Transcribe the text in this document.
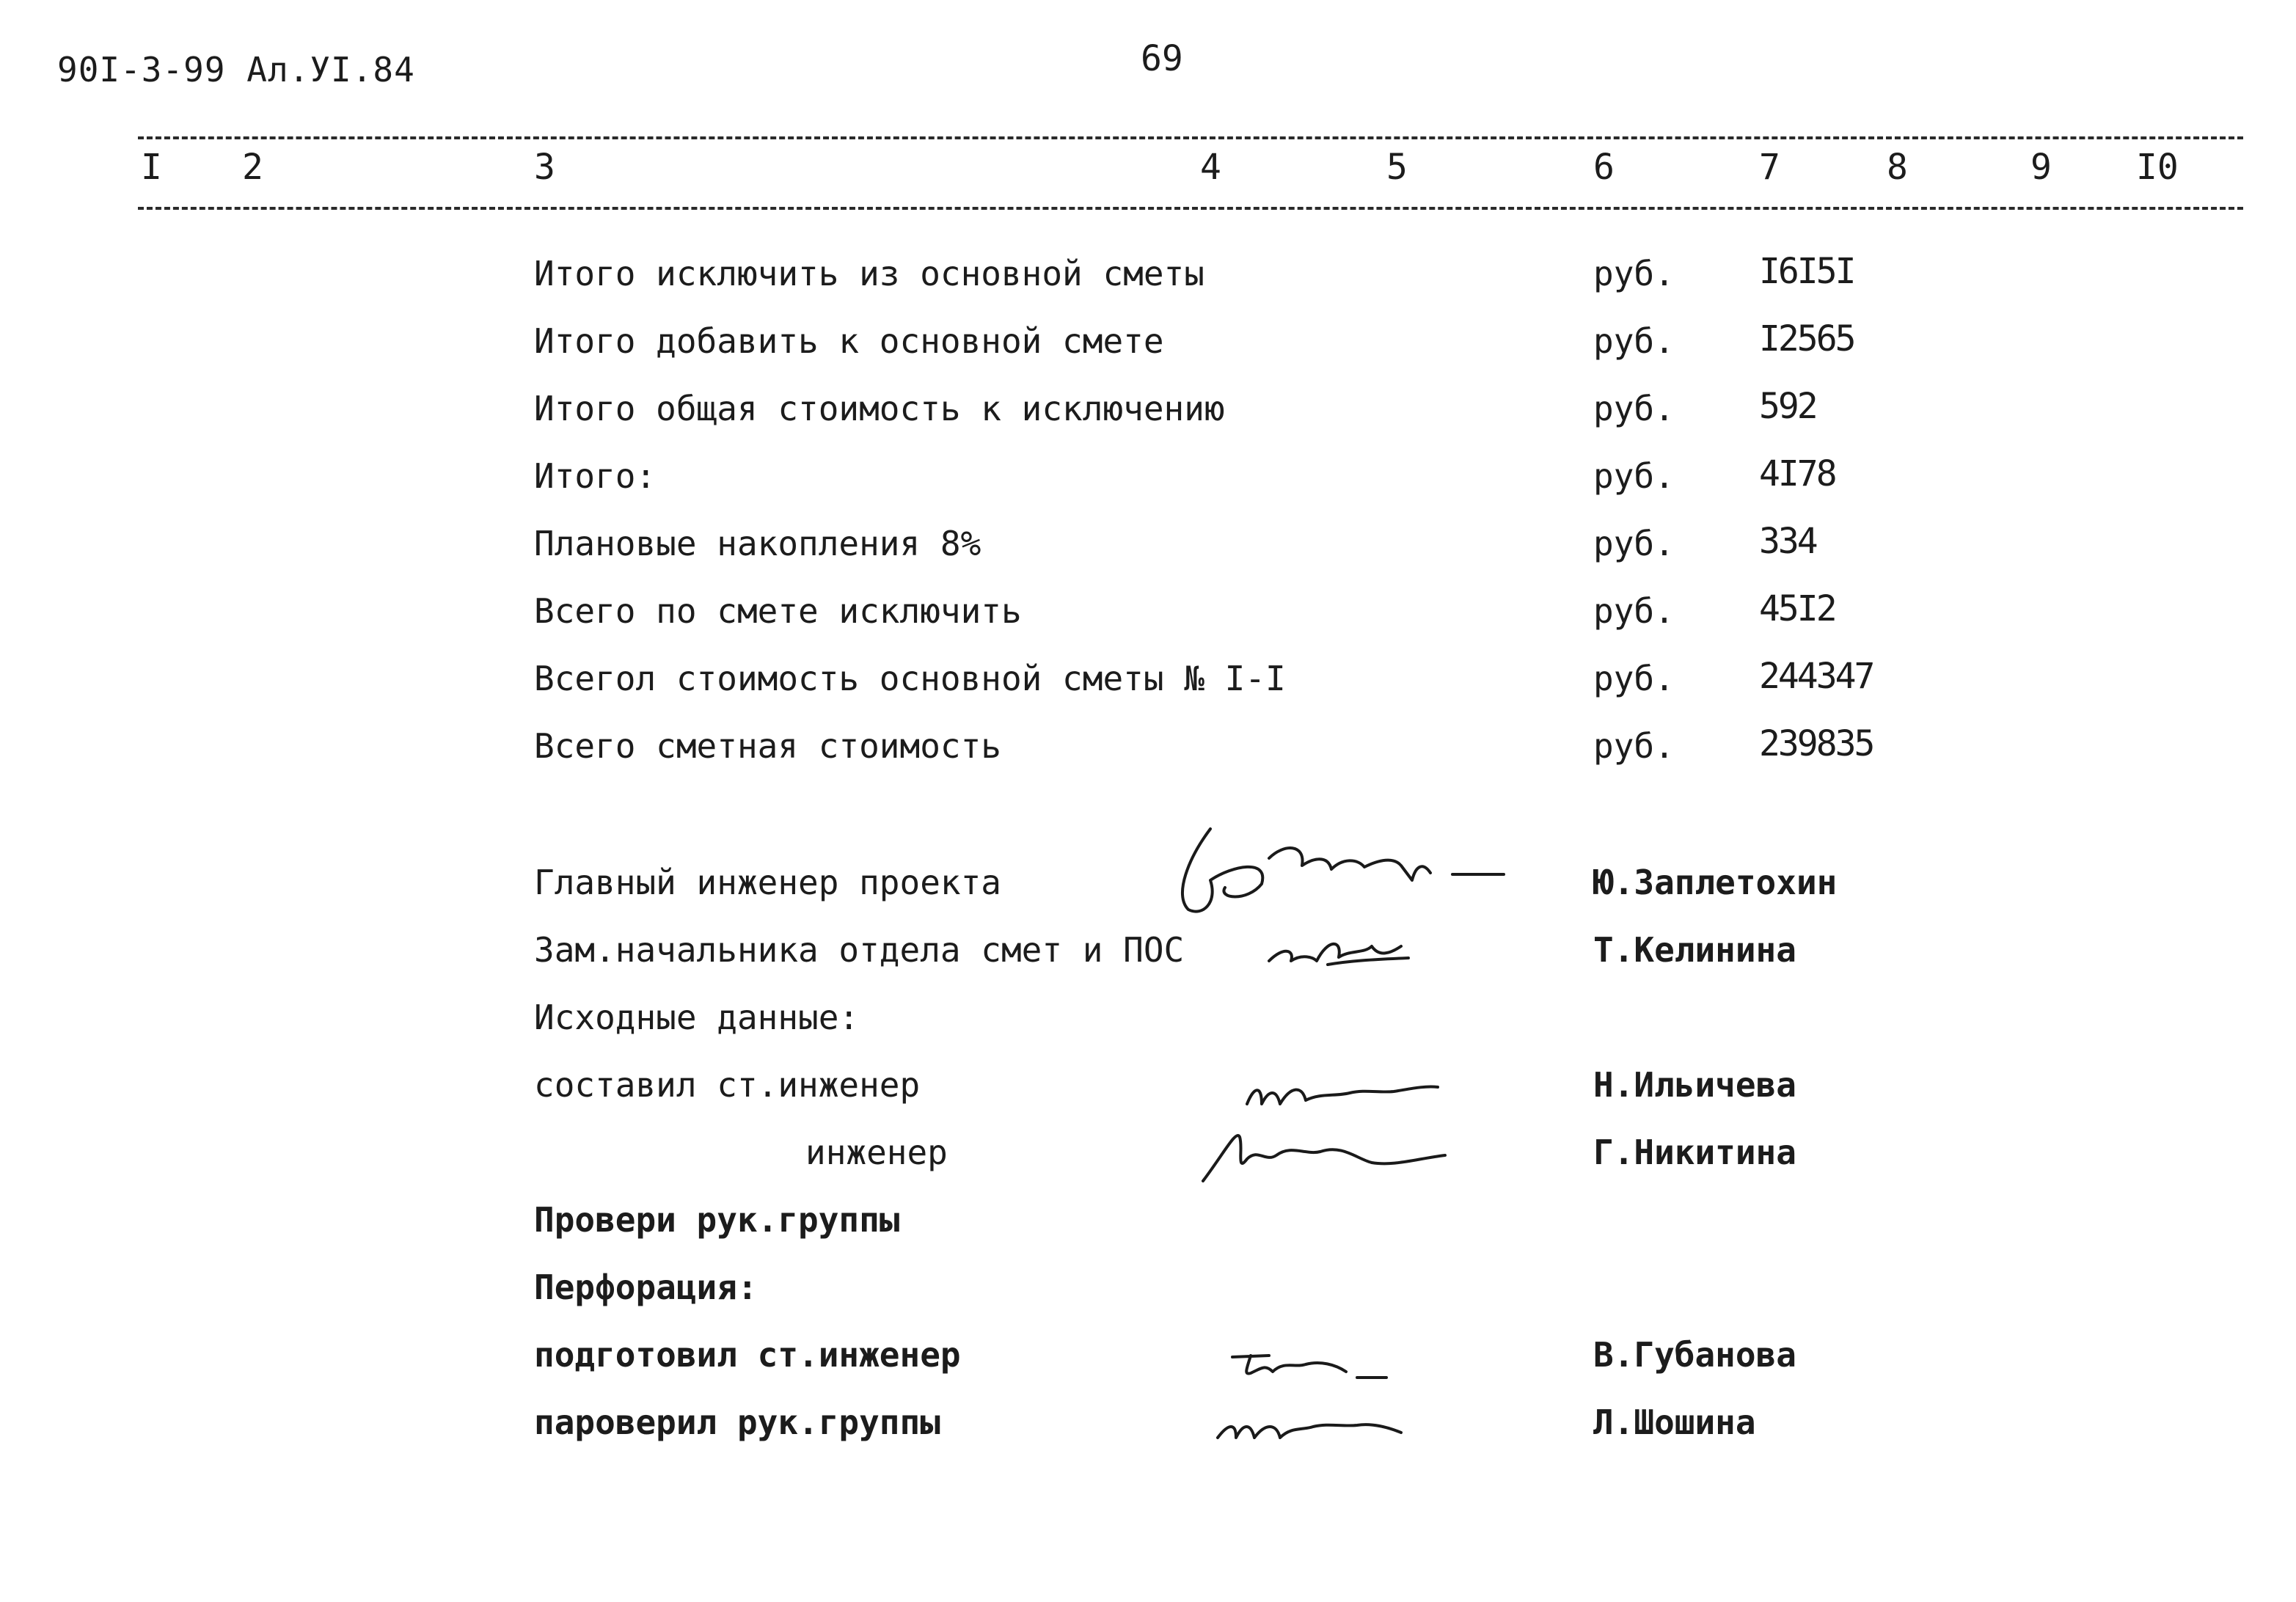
90I-3-99 Ал.УI.84	69
I 2	3	4	5	6	7	8	9 I0
Итого исключить из основной сметы	руб. I6I5I
Итого добавить к основной смете	руб. I2565
Итого общая стоимость к исключению	руб. 592
Итого:	руб. 4I78
Плановые накопления 8%	руб. 334
Всего по смете исключить	руб. 45I2
Всегол стоимость основной сметы № I-I	руб. 244347
Всего сметная стоимость	руб. 239835
Главный инженер проекта	Ю.Заплетохин
Зам.начальника отдела смет и ПОС	Т.Келинина
Исходные данные:
составил ст.инженер	Н.Ильичева
инженер	Г.Никитина
Провери рук.группы
Перфорация:
подготовил ст.инженер	В.Губанова
пароверил рук.группы	Л.Шошина
